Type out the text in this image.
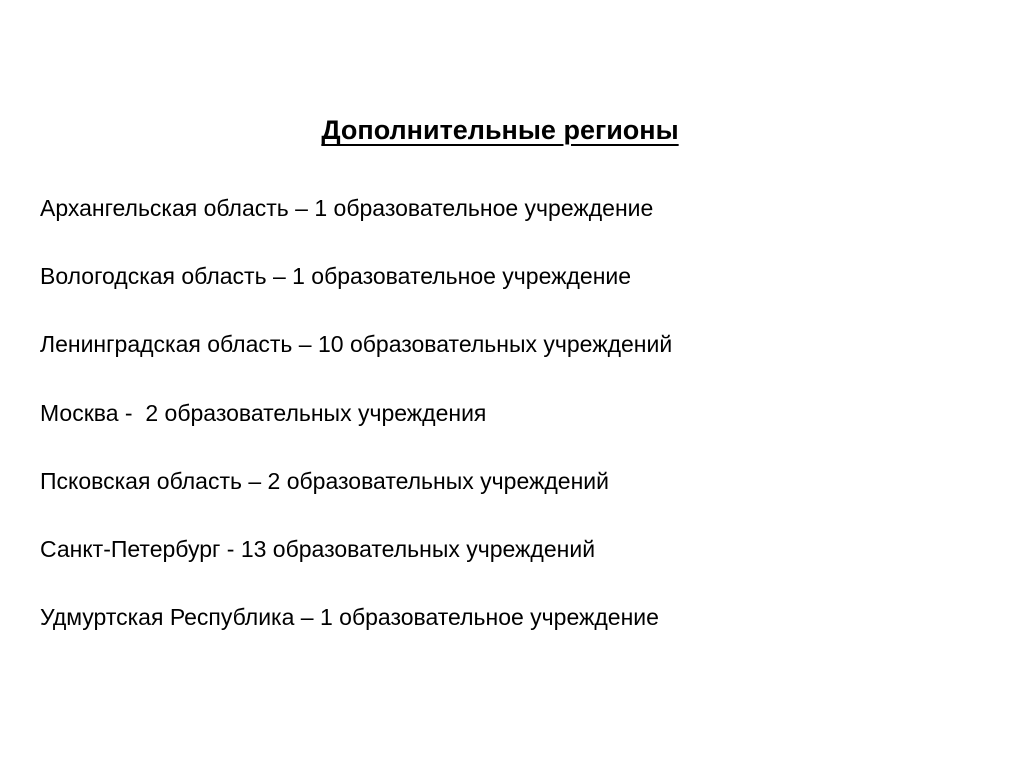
Дополнительные регионы
Архангельская область – 1 образовательное учреждение
Вологодская область – 1 образовательное учреждение
Ленинградская область – 10 образовательных учреждений
Москва -  2 образовательных учреждения
Псковская область – 2 образовательных учреждений
Санкт-Петербург - 13 образовательных учреждений
Удмуртская Республика – 1 образовательное учреждение
